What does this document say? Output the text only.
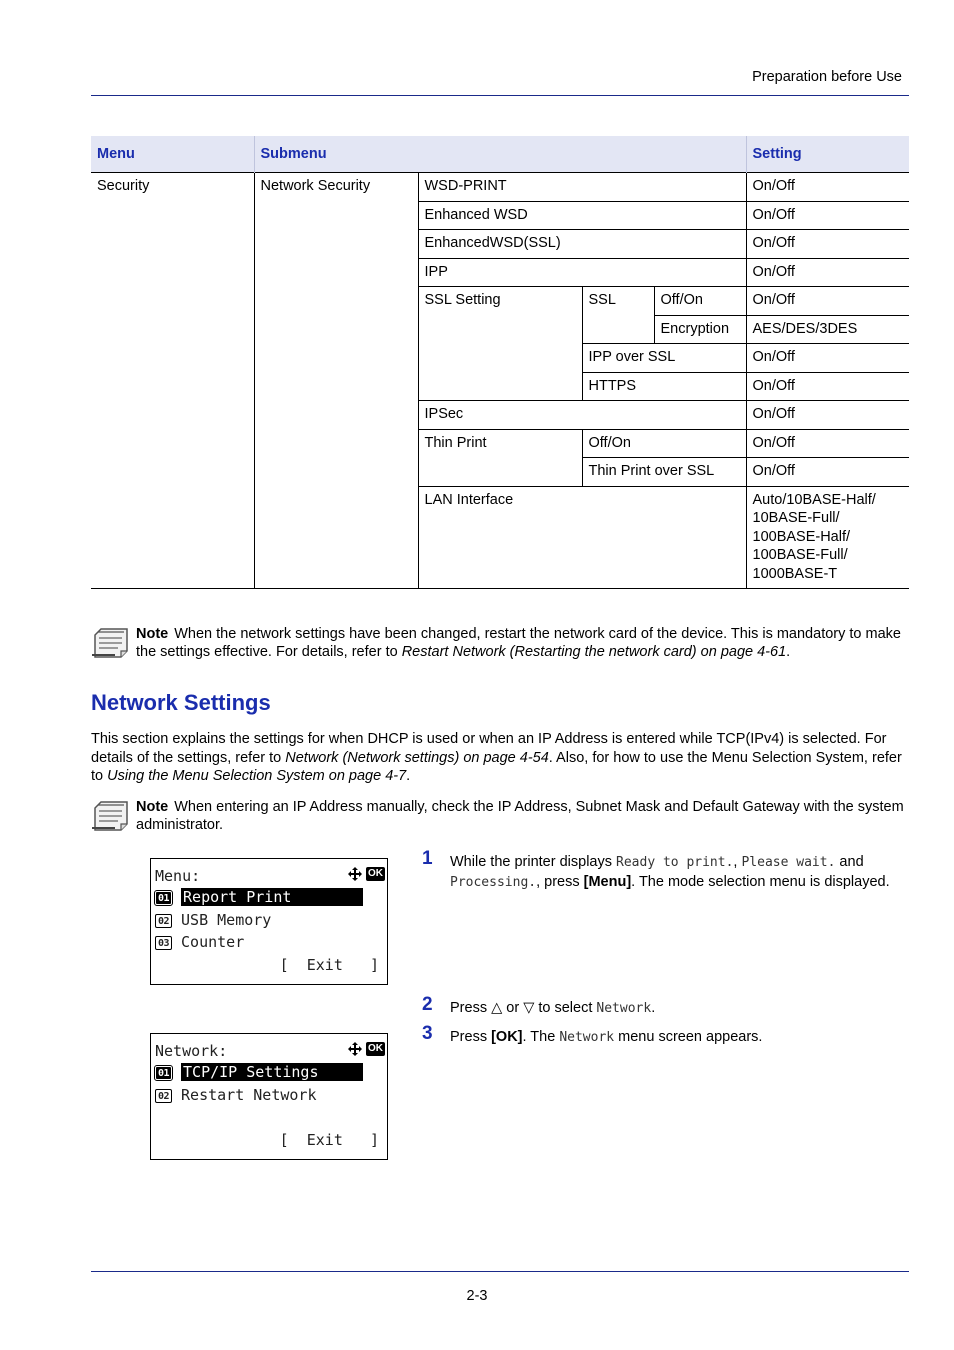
Preparation before Use
Menu	Submenu				Setting
Security	Network Security	WSD-PRINT			On/Off
		Enhanced WSD			On/Off
		EnhancedWSD(SSL)			On/Off
		IPP			On/Off
		SSL Setting	SSL	Off/On	On/Off
				Encryption	AES/DES/3DES
			IPP over SSL		On/Off
			HTTPS		On/Off
		IPSec			On/Off
		Thin Print	Off/On		On/Off
			Thin Print over SSL		On/Off
		LAN Interface			Auto/10BASE-Half/
10BASE-Full/
100BASE-Half/
100BASE-Full/
1000BASE-T
Note When the network settings have been changed, restart the network card of the device. This is mandatory to make the settings effective. For details, refer to Restart Network (Restarting the network card) on page 4-61.
Network Settings
This section explains the settings for when DHCP is used or when an IP Address is entered while TCP(IPv4) is selected. For details of the settings, refer to Network (Network settings) on page 4-54. Also, for how to use the Menu Selection System, refer to Using the Menu Selection System on page 4-7.
Note When entering an IP Address manually, check the IP Address, Subnet Mask and Default Gateway with the system administrator.
Menu:	OK
01 Report Print
02 USB Memory
03 Counter
[  Exit   ]
Network:	OK
01 TCP/IP Settings
02 Restart Network
[  Exit   ]
1 While the printer displays Ready to print., Please wait. and Processing., press [Menu]. The mode selection menu is displayed.
2 Press △ or ▽ to select Network.
3 Press [OK]. The Network menu screen appears.
2-3
